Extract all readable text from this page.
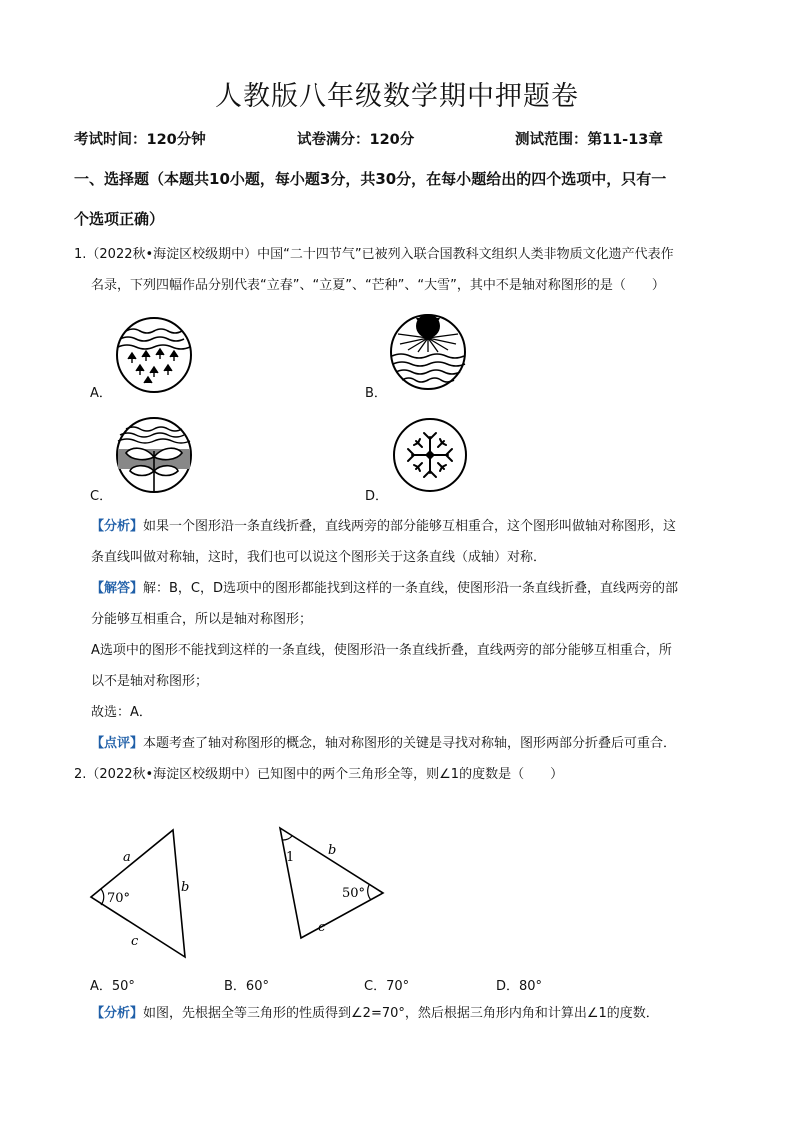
人教版八年级数学期中押题卷
考试时间：120分钟	试卷满分：120分	测试范围：第11-13章
一、选择题（本题共10小题，每小题3分，共30分，在每小题给出的四个选项中，只有一
个选项正确）
1.（2022秋•海淀区校级期中）中国“二十四节气”已被列入联合国教科文组织人类非物质文化遗产代表作
名录，下列四幅作品分别代表“立春”、“立夏”、“芒种”、“大雪”，其中不是轴对称图形的是（　　）
A．	B．
C．	D．
【分析】如果一个图形沿一条直线折叠，直线两旁的部分能够互相重合，这个图形叫做轴对称图形，这
条直线叫做对称轴，这时，我们也可以说这个图形关于这条直线（成轴）对称．
【解答】解：B，C，D选项中的图形都能找到这样的一条直线，使图形沿一条直线折叠，直线两旁的部
分能够互相重合，所以是轴对称图形；
A选项中的图形不能找到这样的一条直线，使图形沿一条直线折叠，直线两旁的部分能够互相重合，所
以不是轴对称图形；
故选：A．
【点评】本题考查了轴对称图形的概念，轴对称图形的关键是寻找对称轴，图形两部分折叠后可重合．
2.（2022秋•海淀区校级期中）已知图中的两个三角形全等，则∠1的度数是（　　）
a
b
c
70°
1	b
c
50°
A．50°	B．60°	C．70°	D．80°
【分析】如图，先根据全等三角形的性质得到∠2=70°，然后根据三角形内角和计算出∠1的度数．
